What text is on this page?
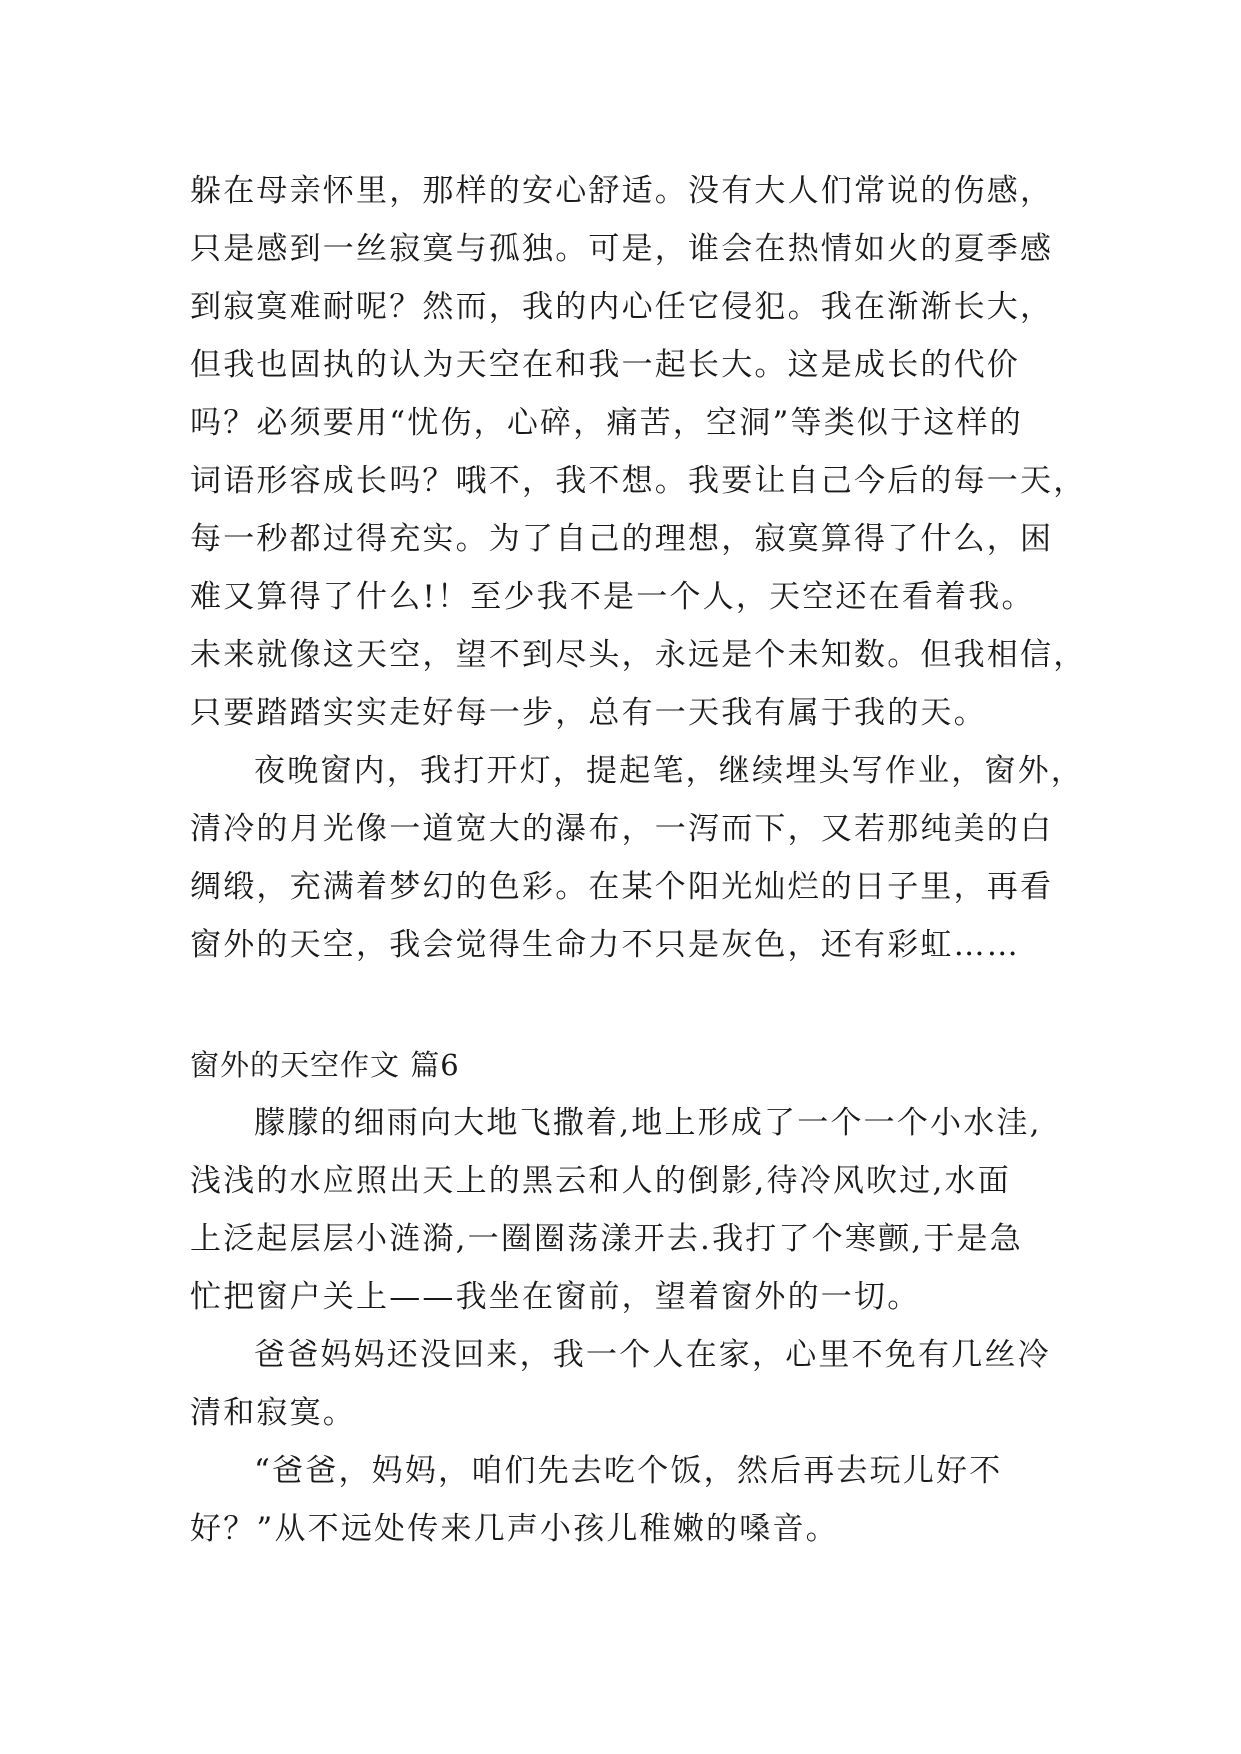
躲在母亲怀里，那样的安心舒适。没有大人们常说的伤感，
只是感到一丝寂寞与孤独。可是，谁会在热情如火的夏季感
到寂寞难耐呢？然而，我的内心任它侵犯。我在渐渐长大，
但我也固执的认为天空在和我一起长大。这是成长的代价
吗？必须要用“忧伤，心碎，痛苦，空洞”等类似于这样的
词语形容成长吗？哦不，我不想。我要让自己今后的每一天，
每一秒都过得充实。为了自己的理想，寂寞算得了什么，困
难又算得了什么!！至少我不是一个人，天空还在看着我。
未来就像这天空，望不到尽头，永远是个未知数。但我相信，
只要踏踏实实走好每一步，总有一天我有属于我的天。
夜晚窗内，我打开灯，提起笔，继续埋头写作业，窗外，
清冷的月光像一道宽大的瀑布，一泻而下，又若那纯美的白
绸缎，充满着梦幻的色彩。在某个阳光灿烂的日子里，再看
窗外的天空，我会觉得生命力不只是灰色，还有彩虹……
窗外的天空作文 篇6
朦朦的细雨向大地飞撒着,地上形成了一个一个小水洼,
浅浅的水应照出天上的黑云和人的倒影,待冷风吹过,水面
上泛起层层小涟漪,一圈圈荡漾开去.我打了个寒颤,于是急
忙把窗户关上——我坐在窗前，望着窗外的一切。
爸爸妈妈还没回来，我一个人在家，心里不免有几丝冷
清和寂寞。
“爸爸，妈妈，咱们先去吃个饭，然后再去玩儿好不
好？”从不远处传来几声小孩儿稚嫩的嗓音。
